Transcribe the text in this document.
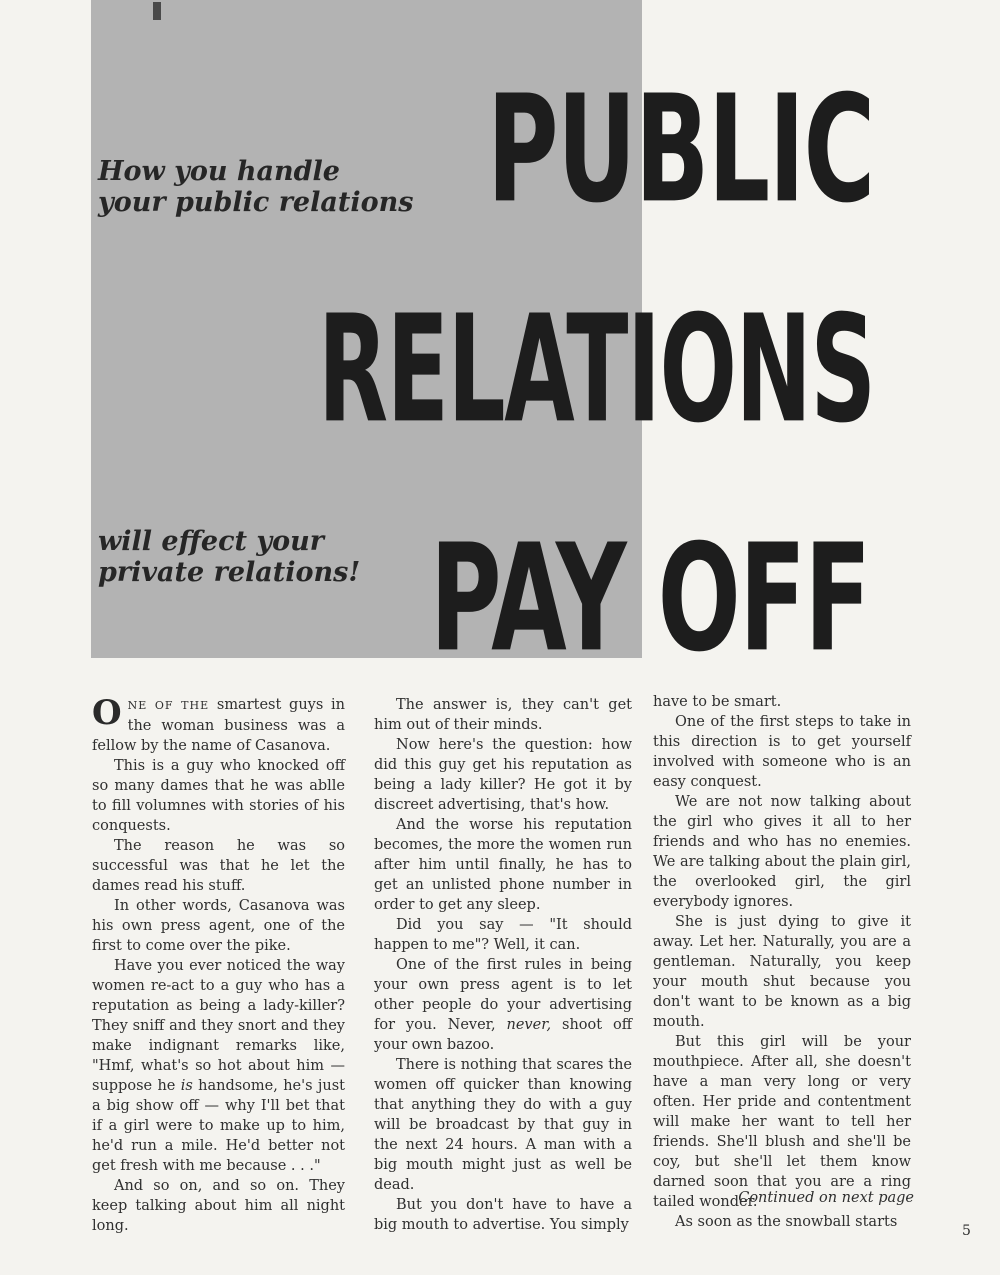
How you handle
your public relations
will effect your
private relations!
PUBLIC
RELATIONS
PAY OFF

ONE OF THE smartest guys in the woman business was a fellow by the name of Casanova.

This is a guy who knocked off so many dames that he was ablle to fill volumnes with stories of his conquests.

The reason he was so successful was that he let the dames read his stuff.

In other words, Casanova was his own press agent, one of the first to come over the pike.

Have you ever noticed the way women re-act to a guy who has a reputation as being a lady-killer? They sniff and they snort and they make indignant remarks like, "Hmf, what's so hot about him — suppose he is handsome, he's just a big show off — why I'll bet that if a girl were to make up to him, he'd run a mile. He'd better not get fresh with me because . . ."

And so on, and so on. They keep talking about him all night long.

The answer is, they can't get him out of their minds.

Now here's the question: how did this guy get his reputation as being a lady killer? He got it by discreet advertising, that's how.

And the worse his reputation becomes, the more the women run after him until finally, he has to get an unlisted phone number in order to get any sleep.

Did you say — "It should happen to me"? Well, it can.

One of the first rules in being your own press agent is to let other people do your advertising for you. Never, never, shoot off your own bazoo.

There is nothing that scares the women off quicker than knowing that anything they do with a guy will be broadcast by that guy in the next 24 hours. A man with a big mouth might just as well be dead.

But you don't have to have a big mouth to advertise. You simply

have to be smart.

One of the first steps to take in this direction is to get yourself involved with someone who is an easy conquest.

We are not now talking about the girl who gives it all to her friends and who has no enemies. We are talking about the plain girl, the overlooked girl, the girl everybody ignores.

She is just dying to give it away. Let her. Naturally, you are a gentleman. Naturally, you keep your mouth shut because you don't want to be known as a big mouth.

But this girl will be your mouthpiece. After all, she doesn't have a man very long or very often. Her pride and contentment will make her want to tell her friends. She'll blush and she'll be coy, but she'll let them know darned soon that you are a ring tailed wonder.

As soon as the snowball starts

Continued on next page
5
